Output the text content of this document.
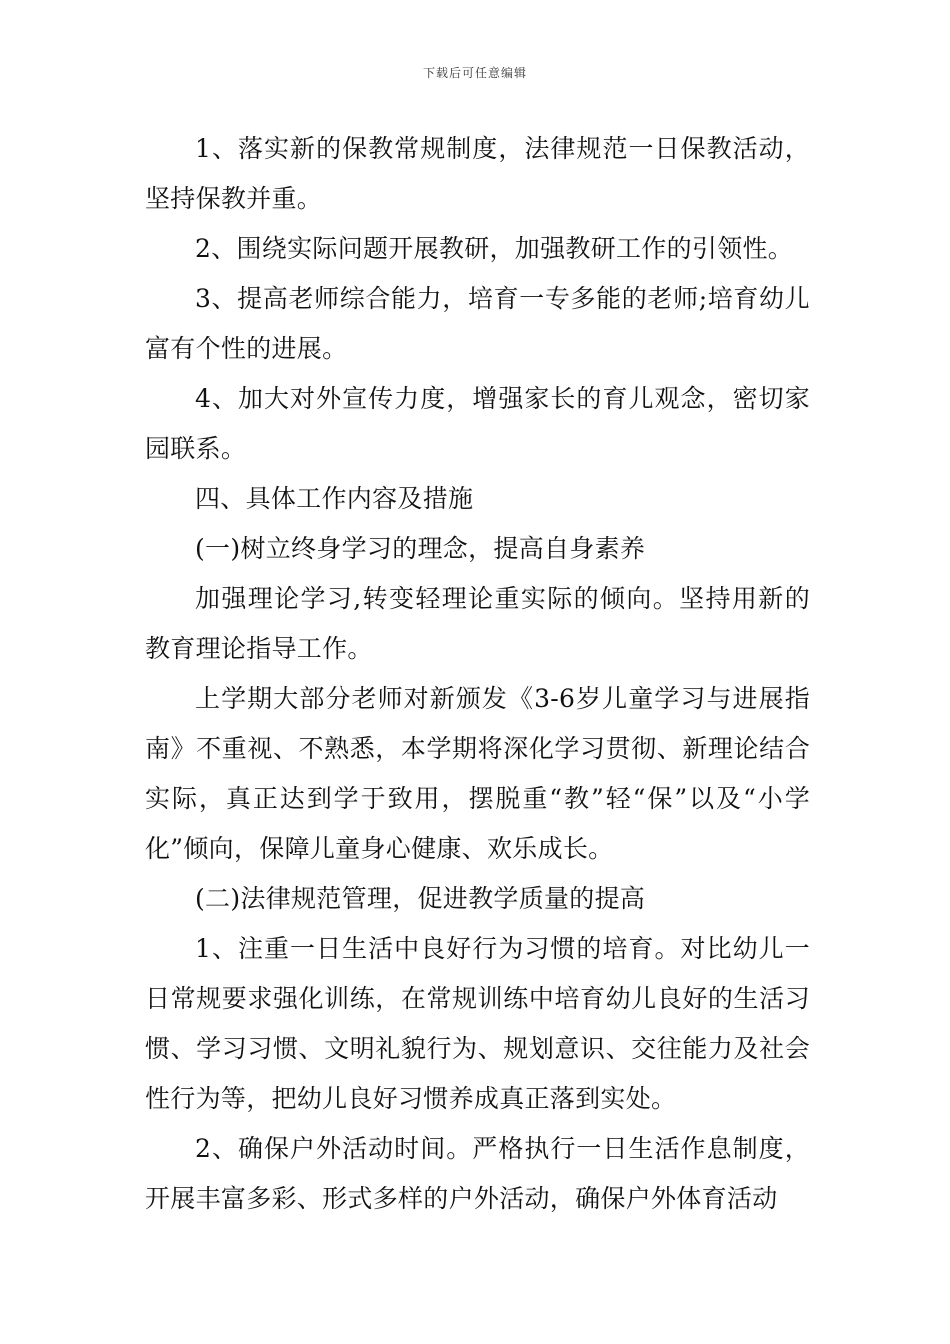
下载后可任意编辑

1、落实新的保教常规制度，法律规范一日保教活动，坚持保教并重。

2、围绕实际问题开展教研，加强教研工作的引领性。

3、提高老师综合能力，培育一专多能的老师;培育幼儿富有个性的进展。

4、加大对外宣传力度，增强家长的育儿观念，密切家园联系。

四、具体工作内容及措施

(一)树立终身学习的理念，提高自身素养

加强理论学习,转变轻理论重实际的倾向。坚持用新的教育理论指导工作。

上学期大部分老师对新颁发《3-6岁儿童学习与进展指南》不重视、不熟悉，本学期将深化学习贯彻、新理论结合实际，真正达到学于致用，摆脱重“教”轻“保”以及“小学化”倾向，保障儿童身心健康、欢乐成长。

(二)法律规范管理，促进教学质量的提高

1、注重一日生活中良好行为习惯的培育。对比幼儿一日常规要求强化训练，在常规训练中培育幼儿良好的生活习惯、学习习惯、文明礼貌行为、规划意识、交往能力及社会性行为等，把幼儿良好习惯养成真正落到实处。

2、确保户外活动时间。严格执行一日生活作息制度，开展丰富多彩、形式多样的户外活动，确保户外体育活动
